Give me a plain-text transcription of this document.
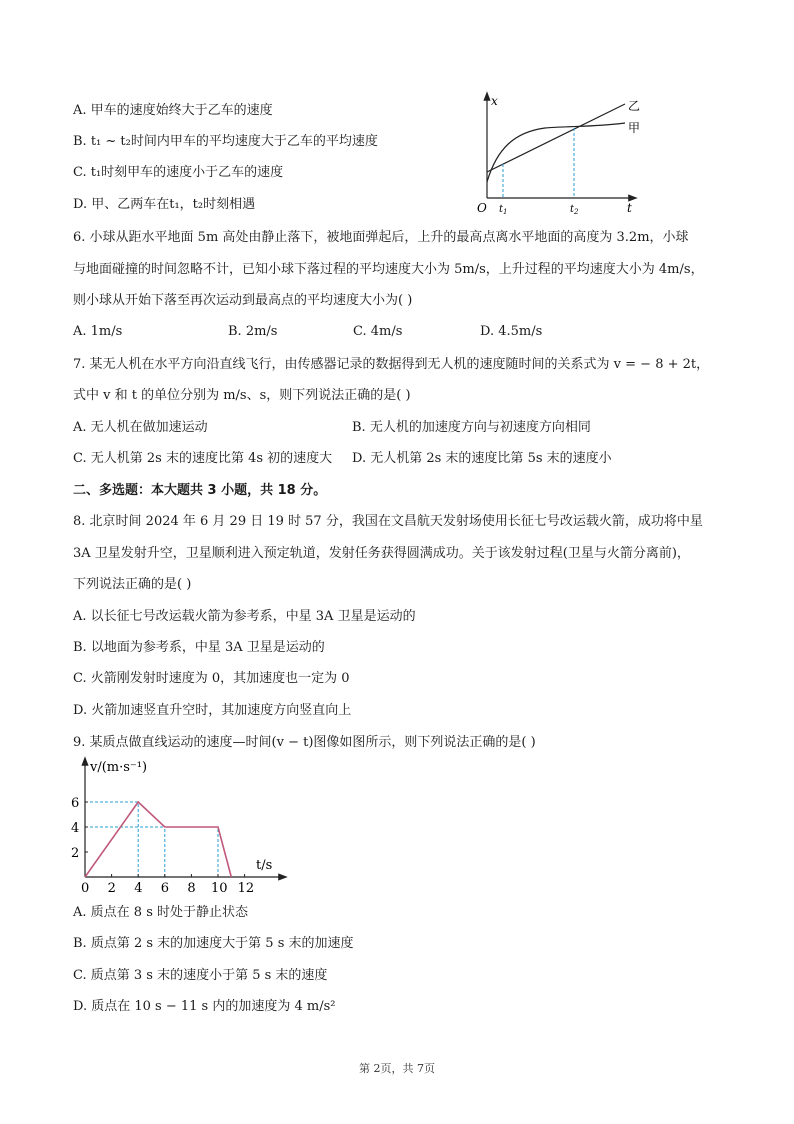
A. 甲车的速度始终大于乙车的速度
B. t₁ ~ t₂时间内甲车的平均速度大于乙车的平均速度
C. t₁时刻甲车的速度小于乙车的速度
D. 甲、乙两车在t₁，t₂时刻相遇
x
t
O $t_1$	$t_2$
乙
甲
6. 小球从距水平地面 5m 高处由静止落下，被地面弹起后，上升的最高点离水平地面的高度为 3.2m，小球
与地面碰撞的时间忽略不计，已知小球下落过程的平均速度大小为 5m/s，上升过程的平均速度大小为 4m/s，
则小球从开始下落至再次运动到最高点的平均速度大小为( )
A. 1m/s	B. 2m/s	C. 4m/s	D. 4.5m/s
7. 某无人机在水平方向沿直线飞行，由传感器记录的数据得到无人机的速度随时间的关系式为 v = − 8 + 2t，
式中 v 和 t 的单位分别为 m/s、s，则下列说法正确的是( )
A. 无人机在做加速运动	B. 无人机的加速度方向与初速度方向相同
C. 无人机第 2s 末的速度比第 4s 初的速度大 D. 无人机第 2s 末的速度比第 5s 末的速度小
二、多选题：本大题共 3 小题，共 18 分。
8. 北京时间 2024 年 6 月 29 日 19 时 57 分，我国在文昌航天发射场使用长征七号改运载火箭，成功将中星
3A 卫星发射升空，卫星顺利进入预定轨道，发射任务获得圆满成功。关于该发射过程(卫星与火箭分离前)，
下列说法正确的是( )
A. 以长征七号改运载火箭为参考系，中星 3A 卫星是运动的
B. 以地面为参考系，中星 3A 卫星是运动的
C. 火箭刚发射时速度为 0，其加速度也一定为 0
D. 火箭加速竖直升空时，其加速度方向竖直向上
9. 某质点做直线运动的速度—时间(v − t)图像如图所示，则下列说法正确的是( )
0 2 4 6 8 10 12
2
4
6
v/(m·s⁻¹)
t/s
A. 质点在 8 s 时处于静止状态
B. 质点第 2 s 末的加速度大于第 5 s 末的加速度
C. 质点第 3 s 末的速度小于第 5 s 末的速度
D. 质点在 10 s − 11 s 内的加速度为 4 m/s²
第 2页，共 7页
